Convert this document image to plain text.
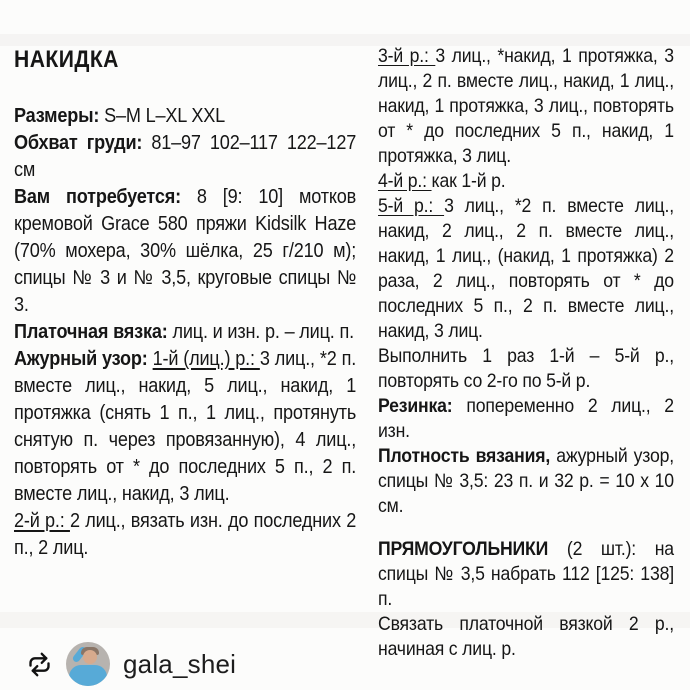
НАКИДКА

Размеры: S–M L–XL XXL

Обхват груди: 81–97 102–117 122–127 см

Вам потребуется: 8 [9: 10] мотков кремовой Grace 580 пряжи Kidsilk Haze (70% мохера, 30% шёлка, 25 г/210 м); спицы № 3 и № 3,5, круговые спицы № 3.

Платочная вязка: лиц. и изн. р. – лиц. п.

Ажурный узор: 1-й (лиц.) р.: 3 лиц., *2 п. вместе лиц., накид, 5 лиц., накид, 1 протяжка (снять 1 п., 1 лиц., протянуть снятую п. через провязанную), 4 лиц., повторять от * до последних 5 п., 2 п. вместе лиц., накид, 3 лиц.

2-й р.: 2 лиц., вязать изн. до последних 2 п., 2 лиц.

3-й р.: 3 лиц., *накид, 1 протяжка, 3 лиц., 2 п. вместе лиц., накид, 1 лиц., накид, 1 протяжка, 3 лиц., повторять от * до последних 5 п., накид, 1 протяжка, 3 лиц.

4-й р.: как 1-й р.

5-й р.: 3 лиц., *2 п. вместе лиц., накид, 2 лиц., 2 п. вместе лиц., накид, 1 лиц., (накид, 1 протяжка) 2 раза, 2 лиц., повторять от * до последних 5 п., 2 п. вместе лиц., накид, 3 лиц.

Выполнить 1 раз 1-й – 5-й р., повторять со 2-го по 5-й р.

Резинка: попеременно 2 лиц., 2 изн.

Плотность вязания, ажурный узор, спицы № 3,5: 23 п. и 32 р. = 10 х 10 см.

ПРЯМОУГОЛЬНИКИ (2 шт.): на спицы № 3,5 набрать 112 [125: 138] п.

Связать платочной вязкой 2 р., начиная с лиц. р.

gala_shei
